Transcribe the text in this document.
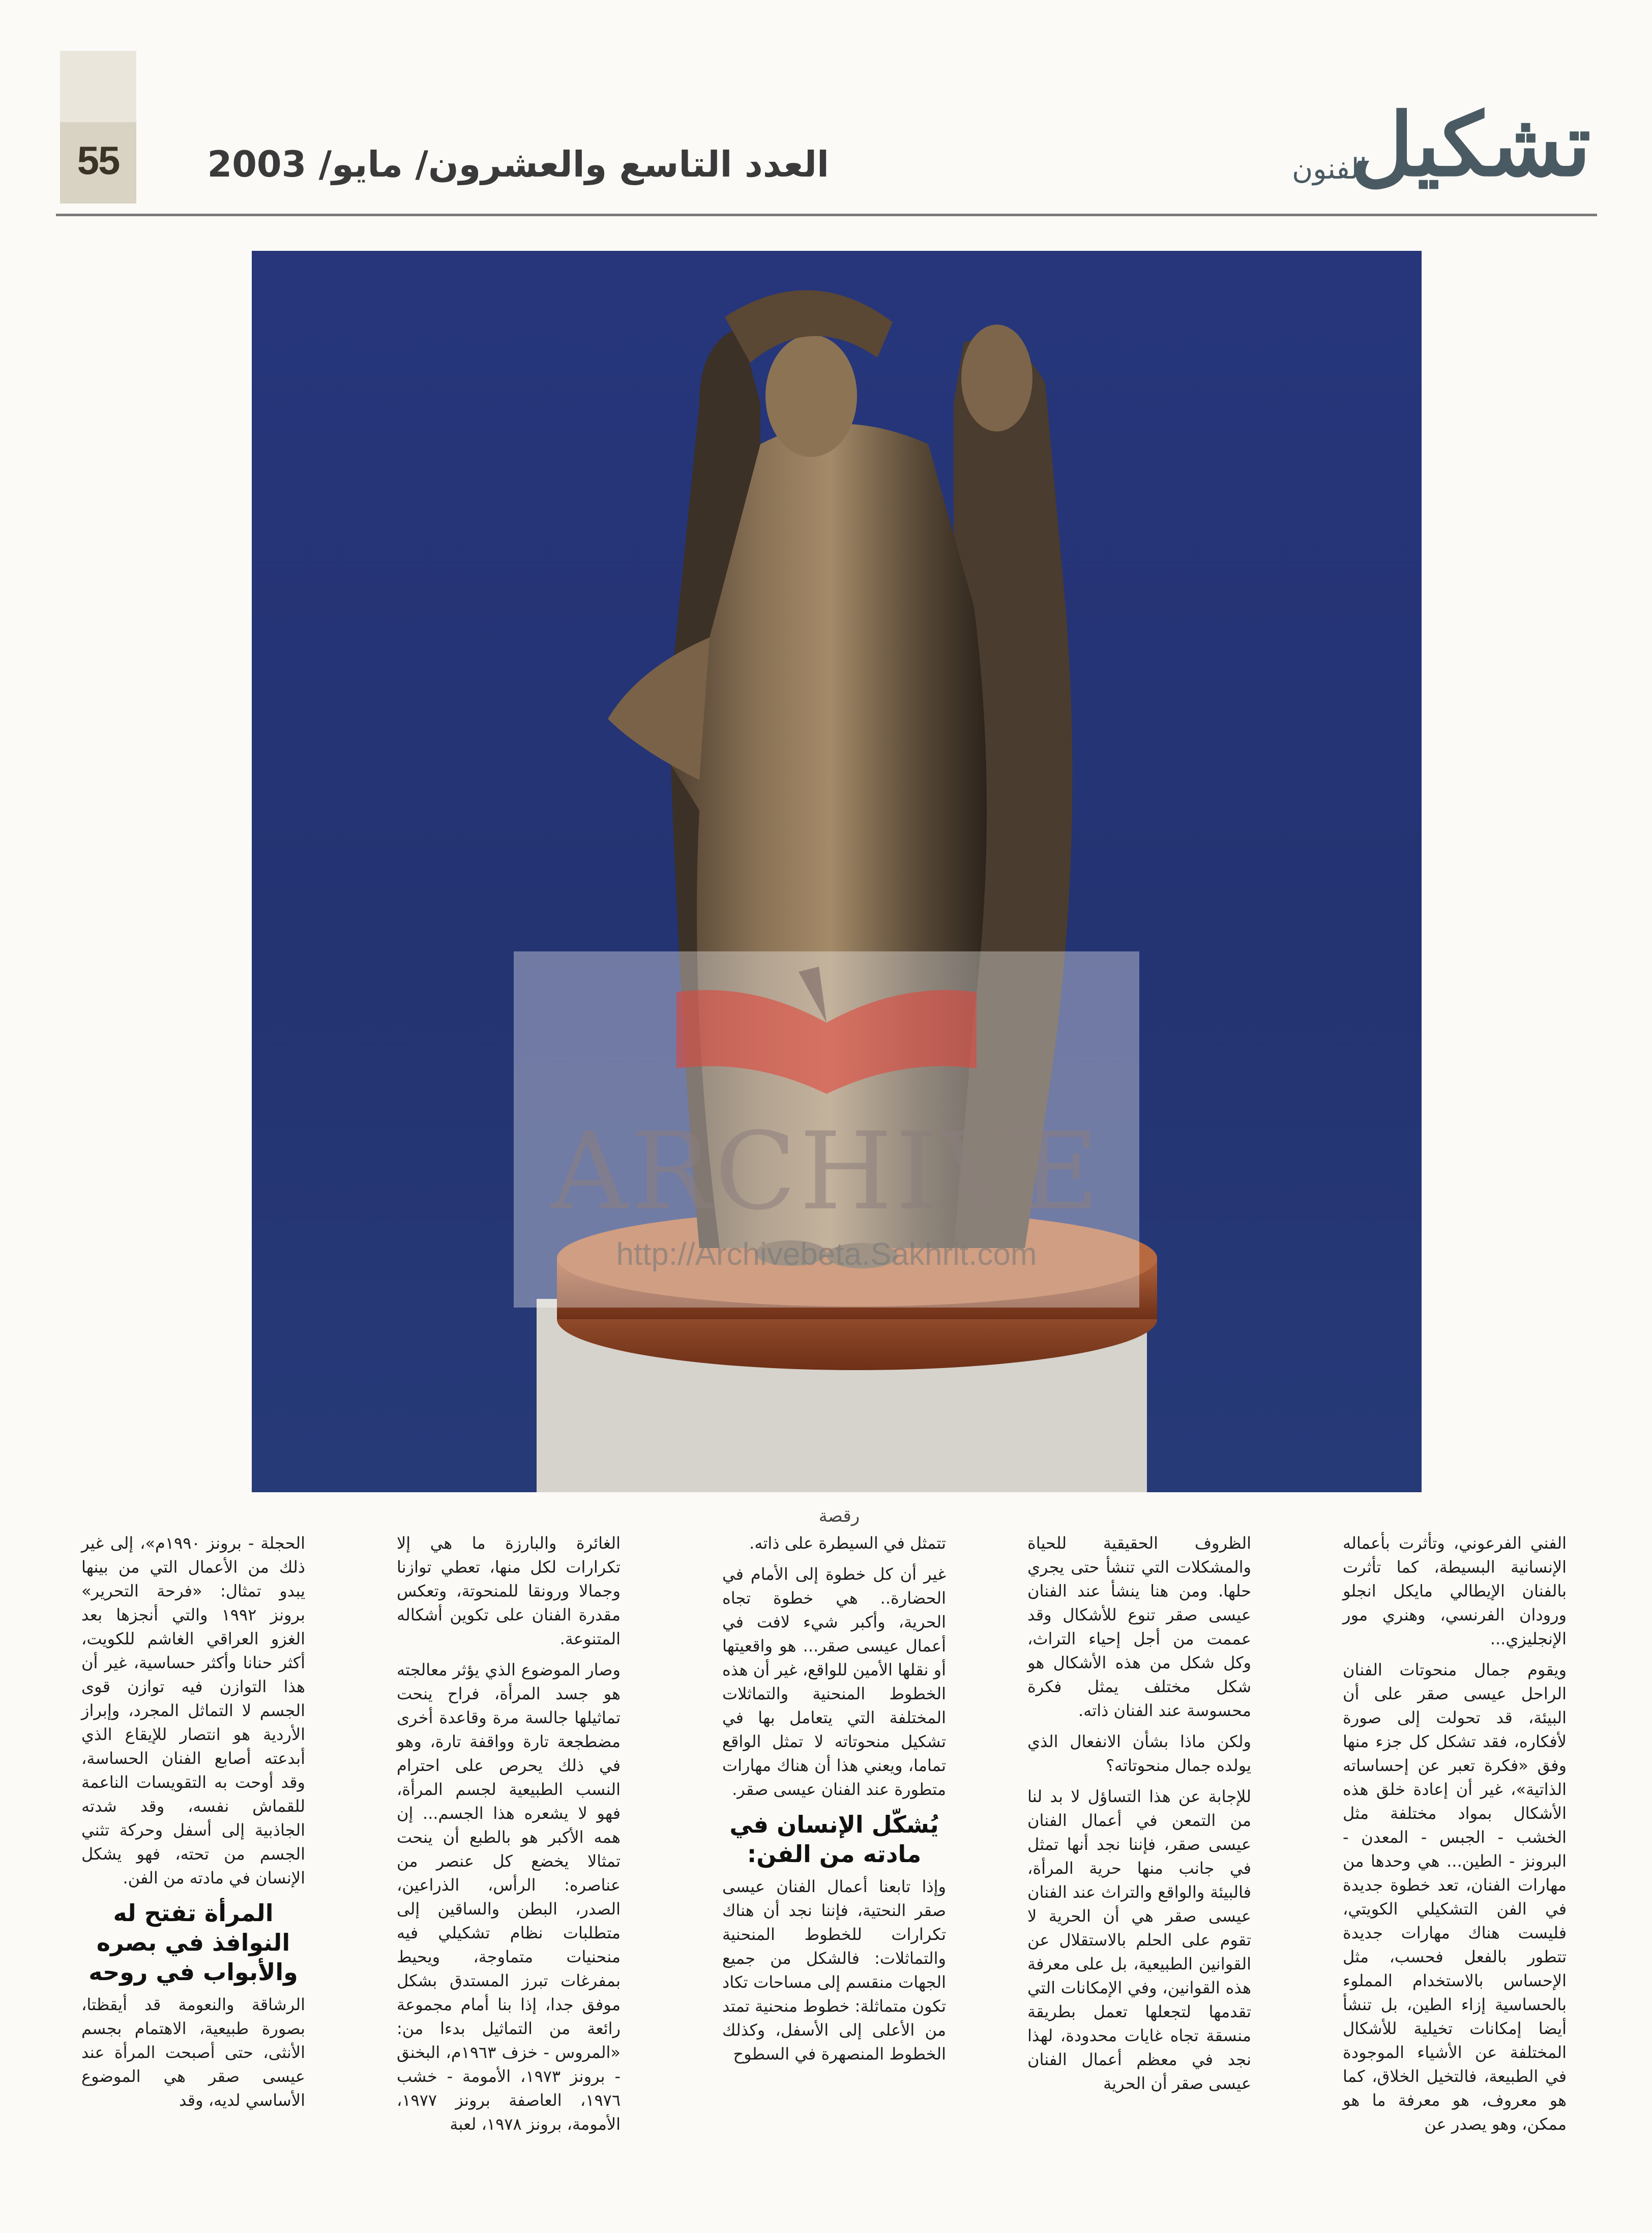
55	العدد التاسع والعشرون/ مايو/ 2003	تشكيل
الفنون
ARCHIVE
http://Archivebeta.Sakhrit.com
رقصة

الفني الفرعوني، وتأثرت بأعماله الإنسانية البسيطة، كما تأثرت بالفنان الإيطالي مايكل انجلو ورودان الفرنسي، وهنري مور الإنجليزي...

ويقوم جمال منحوتات الفنان الراحل عيسى صقر على أن البيئة، قد تحولت إلى صورة لأفكاره، فقد تشكل كل جزء منها وفق «فكرة تعبر عن إحساساته الذاتية»، غير أن إعادة خلق هذه الأشكال بمواد مختلفة مثل الخشب - الجبس - المعدن - البرونز - الطين... هي وحدها من مهارات الفنان، تعد خطوة جديدة في الفن التشكيلي الكويتي، فليست هناك مهارات جديدة تتطور بالفعل فحسب، مثل الإحساس بالاستخدام المملوء بالحساسية إزاء الطين، بل تنشأ أيضا إمكانات تخيلية للأشكال المختلفة عن الأشياء الموجودة في الطبيعة، فالتخيل الخلاق، كما هو معروف، هو معرفة ما هو ممكن، وهو يصدر عن

الظروف الحقيقية للحياة والمشكلات التي تنشأ حتى يجري حلها. ومن هنا ينشأ عند الفنان عيسى صقر تنوع للأشكال وقد عممت من أجل إحياء التراث، وكل شكل من هذه الأشكال هو شكل مختلف يمثل فكرة محسوسة عند الفنان ذاته.

ولكن ماذا بشأن الانفعال الذي يولده جمال منحوتاته؟

للإجابة عن هذا التساؤل لا بد لنا من التمعن في أعمال الفنان عيسى صقر، فإننا نجد أنها تمثل في جانب منها حرية المرأة، فالبيئة والواقع والتراث عند الفنان عيسى صقر هي أن الحرية لا تقوم على الحلم بالاستقلال عن القوانين الطبيعية، بل على معرفة هذه القوانين، وفي الإمكانات التي تقدمها لتجعلها تعمل بطريقة منسقة تجاه غايات محدودة، لهذا نجد في معظم أعمال الفنان عيسى صقر أن الحرية

تتمثل في السيطرة على ذاته.

غير أن كل خطوة إلى الأمام في الحضارة.. هي خطوة تجاه الحرية، وأكبر شيء لافت في أعمال عيسى صقر... هو واقعيتها أو نقلها الأمين للواقع، غير أن هذه الخطوط المنحنية والتماثلات المختلفة التي يتعامل بها في تشكيل منحوتاته لا تمثل الواقع تماما، ويعني هذا أن هناك مهارات متطورة عند الفنان عيسى صقر.

يُشكّل الإنسان في مادته من الفن:

وإذا تابعنا أعمال الفنان عيسى صقر النحتية، فإننا نجد أن هناك تكرارات للخطوط المنحنية والتماثلات: فالشكل من جميع الجهات منقسم إلى مساحات تكاد تكون متماثلة: خطوط منحنية تمتد من الأعلى إلى الأسفل، وكذلك الخطوط المنصهرة في السطوح

الغائرة والبارزة ما هي إلا تكرارات لكل منها، تعطي توازنا وجمالا ورونقا للمنحوتة، وتعكس مقدرة الفنان على تكوين أشكاله المتنوعة.

وصار الموضوع الذي يؤثر معالجته هو جسد المرأة، فراح ينحت تماثيلها جالسة مرة وقاعدة أخرى مضطجعة تارة وواقفة تارة، وهو في ذلك يحرص على احترام النسب الطبيعية لجسم المرأة، فهو لا يشعره هذا الجسم... إن همه الأكبر هو بالطبع أن ينحت تمثالا يخضع كل عنصر من عناصره: الرأس، الذراعين، الصدر، البطن والساقين إلى متطلبات نظام تشكيلي فيه منحنيات متماوجة، ويحيط بمفرغات تبرز المستدق بشكل موفق جدا، إذا بنا أمام مجموعة رائعة من التماثيل بدءا من: «المروس - خزف ١٩٦٣م، البخنق - برونز ١٩٧٣، الأمومة - خشب ١٩٧٦، العاصفة برونز ١٩٧٧، الأمومة، برونز ١٩٧٨، لعبة

الحجلة - برونز ١٩٩٠م»، إلى غير ذلك من الأعمال التي من بينها يبدو تمثال: «فرحة التحرير» برونز ١٩٩٢ والتي أنجزها بعد الغزو العراقي الغاشم للكويت، أكثر حنانا وأكثر حساسية، غير أن هذا التوازن فيه توازن قوى الجسم لا التماثل المجرد، وإبراز الأردية هو انتصار للإيقاع الذي أبدعته أصابع الفنان الحساسة، وقد أوحت به التقويسات الناعمة للقماش نفسه، وقد شدته الجاذبية إلى أسفل وحركة تثني الجسم من تحته، فهو يشكل الإنسان في مادته من الفن.

المرأة تفتح له النوافذ في بصره والأبواب في روحه

الرشاقة والنعومة قد أيقظتا، بصورة طبيعية، الاهتمام بجسم الأنثى، حتى أصبحت المرأة عند عيسى صقر هي الموضوع الأساسي لديه، وقد
